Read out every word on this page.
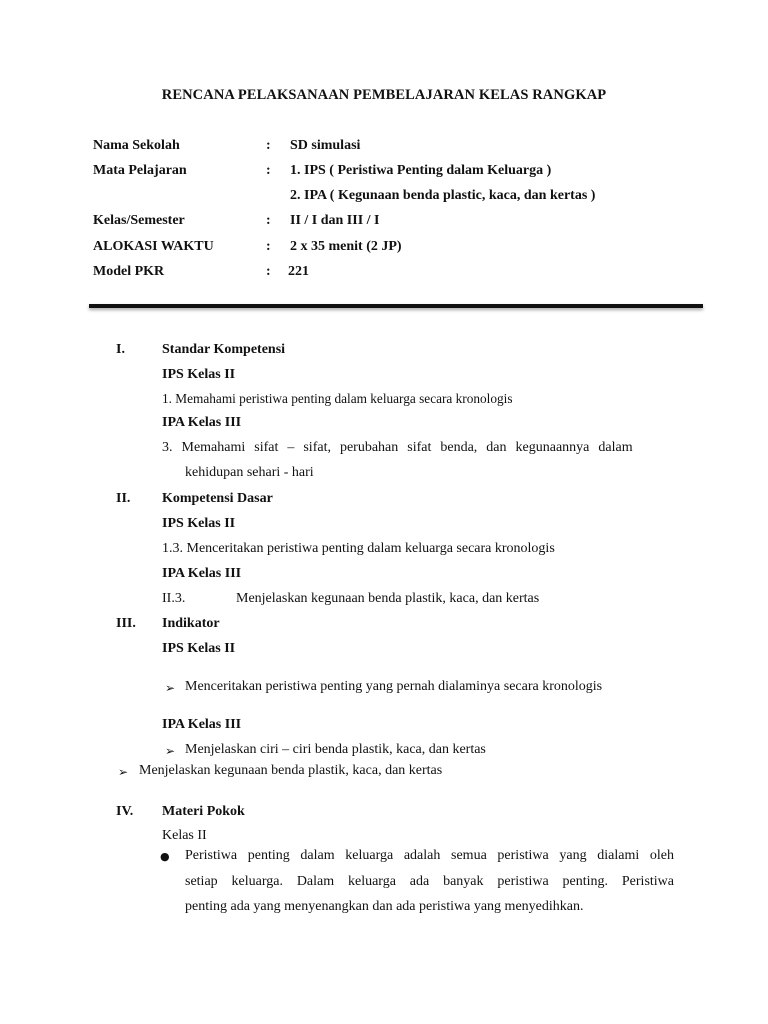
RENCANA PELAKSANAAN PEMBELAJARAN KELAS RANGKAP
Nama Sekolah	: SD simulasi
Mata Pelajaran	: 1. IPS ( Peristiwa Penting dalam Keluarga )
2. IPA ( Kegunaan benda plastic, kaca, dan kertas )
Kelas/Semester	: II / I dan III / I
ALOKASI WAKTU	: 2 x 35 menit (2 JP)
Model PKR	: 221
I.	Standar Kompetensi
IPS Kelas II
1. Memahami peristiwa penting dalam keluarga secara kronologis
IPA Kelas III
3. Memahami sifat – sifat, perubahan sifat benda, dan kegunaannya dalam
kehidupan sehari - hari
II. Kompetensi Dasar
IPS Kelas II
1.3. Menceritakan peristiwa penting dalam keluarga secara kronologis
IPA Kelas III
II.3.	Menjelaskan kegunaan benda plastik, kaca, dan kertas
III. Indikator
IPS Kelas II
➢ Menceritakan peristiwa penting yang pernah dialaminya secara kronologis
IPA Kelas III
➢ Menjelaskan ciri – ciri benda plastik, kaca, dan kertas
➢ Menjelaskan kegunaan benda plastik, kaca, dan kertas
IV. Materi Pokok
Kelas II
● Peristiwa penting dalam keluarga adalah semua peristiwa yang dialami oleh
setiap keluarga. Dalam keluarga ada banyak peristiwa penting. Peristiwa
penting ada yang menyenangkan dan ada peristiwa yang menyedihkan.
